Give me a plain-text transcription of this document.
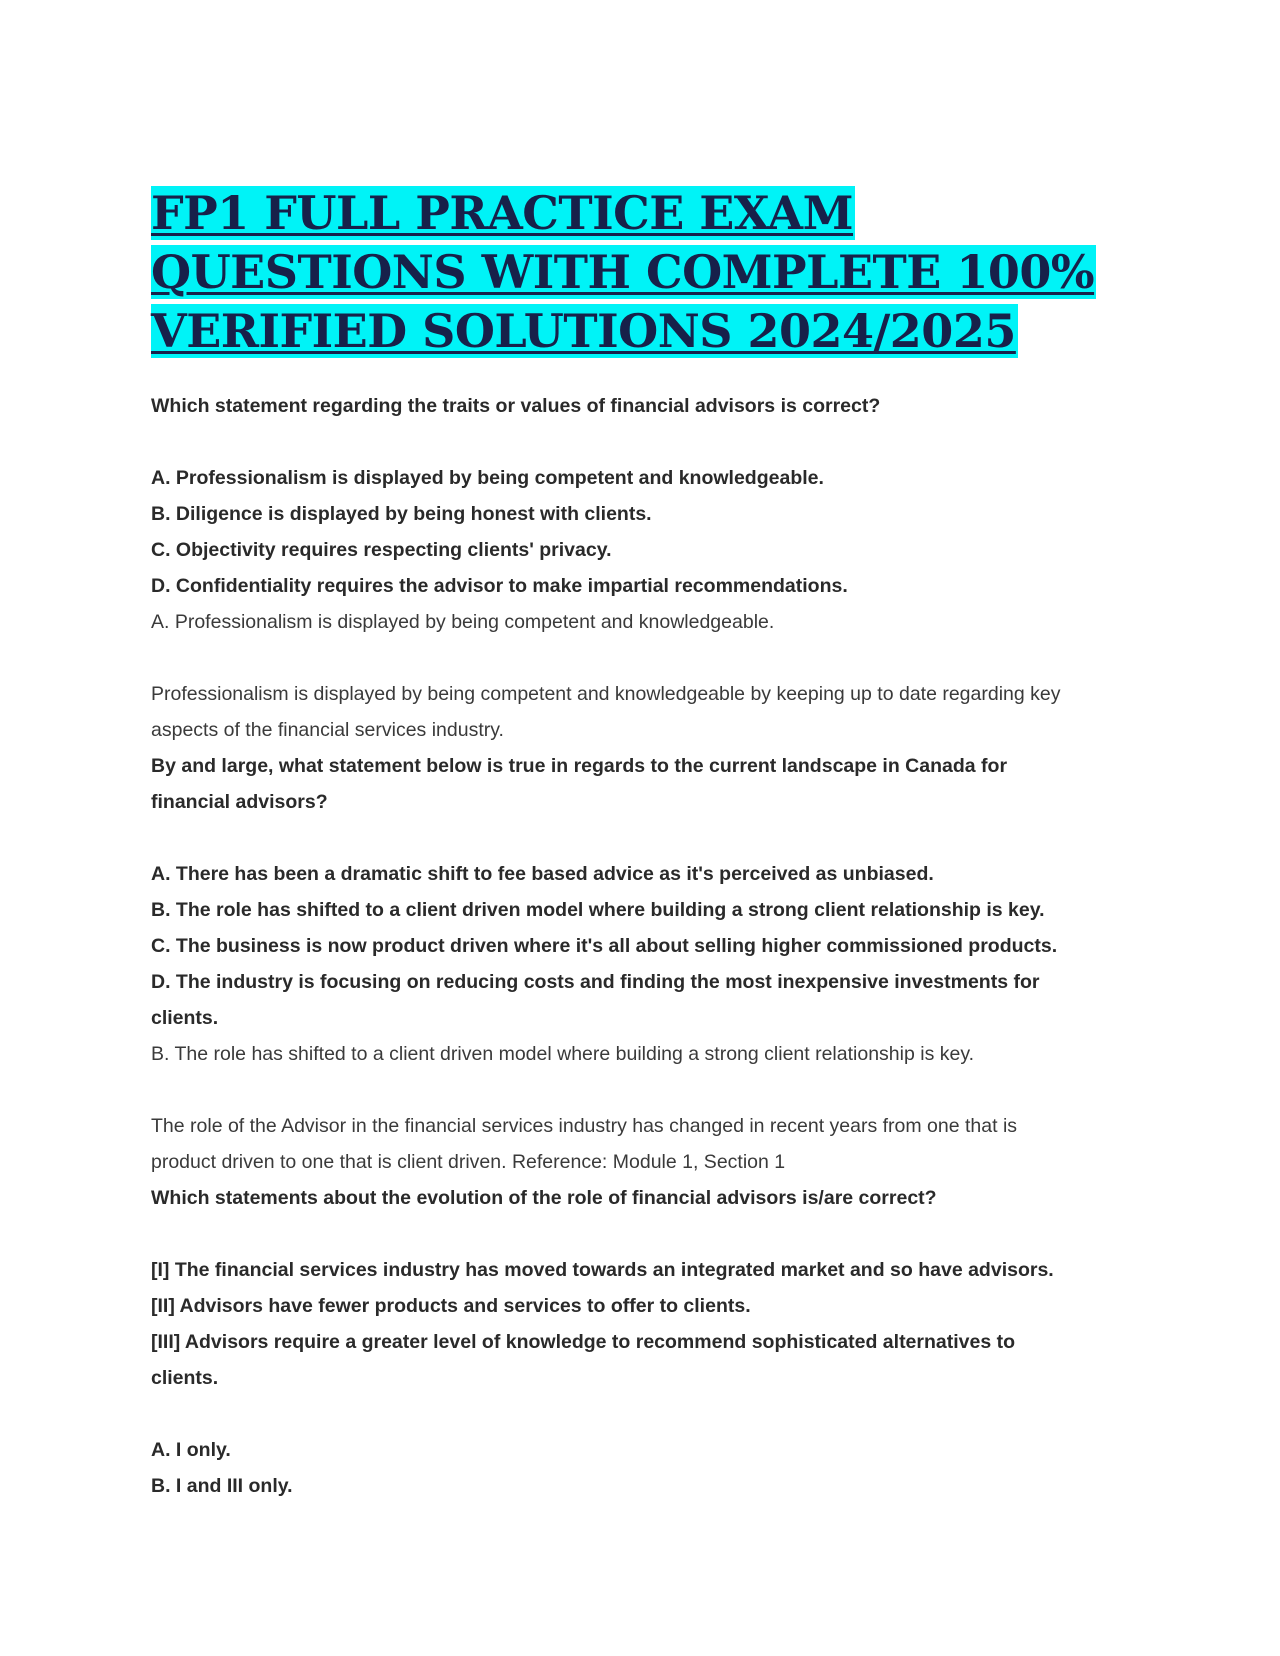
FP1 FULL PRACTICE EXAM
QUESTIONS WITH COMPLETE 100%
VERIFIED SOLUTIONS 2024/2025

Which statement regarding the traits or values of financial advisors is correct?

A. Professionalism is displayed by being competent and knowledgeable.

B. Diligence is displayed by being honest with clients.

C. Objectivity requires respecting clients' privacy.

D. Confidentiality requires the advisor to make impartial recommendations.

A. Professionalism is displayed by being competent and knowledgeable.

Professionalism is displayed by being competent and knowledgeable by keeping up to date regarding key

aspects of the financial services industry.

By and large, what statement below is true in regards to the current landscape in Canada for

financial advisors?

A. There has been a dramatic shift to fee based advice as it's perceived as unbiased.

B. The role has shifted to a client driven model where building a strong client relationship is key.

C. The business is now product driven where it's all about selling higher commissioned products.

D. The industry is focusing on reducing costs and finding the most inexpensive investments for

clients.

B. The role has shifted to a client driven model where building a strong client relationship is key.

The role of the Advisor in the financial services industry has changed in recent years from one that is

product driven to one that is client driven. Reference: Module 1, Section 1

Which statements about the evolution of the role of financial advisors is/are correct?

[I] The financial services industry has moved towards an integrated market and so have advisors.

[II] Advisors have fewer products and services to offer to clients.

[III] Advisors require a greater level of knowledge to recommend sophisticated alternatives to

clients.

A. I only.

B. I and III only.
